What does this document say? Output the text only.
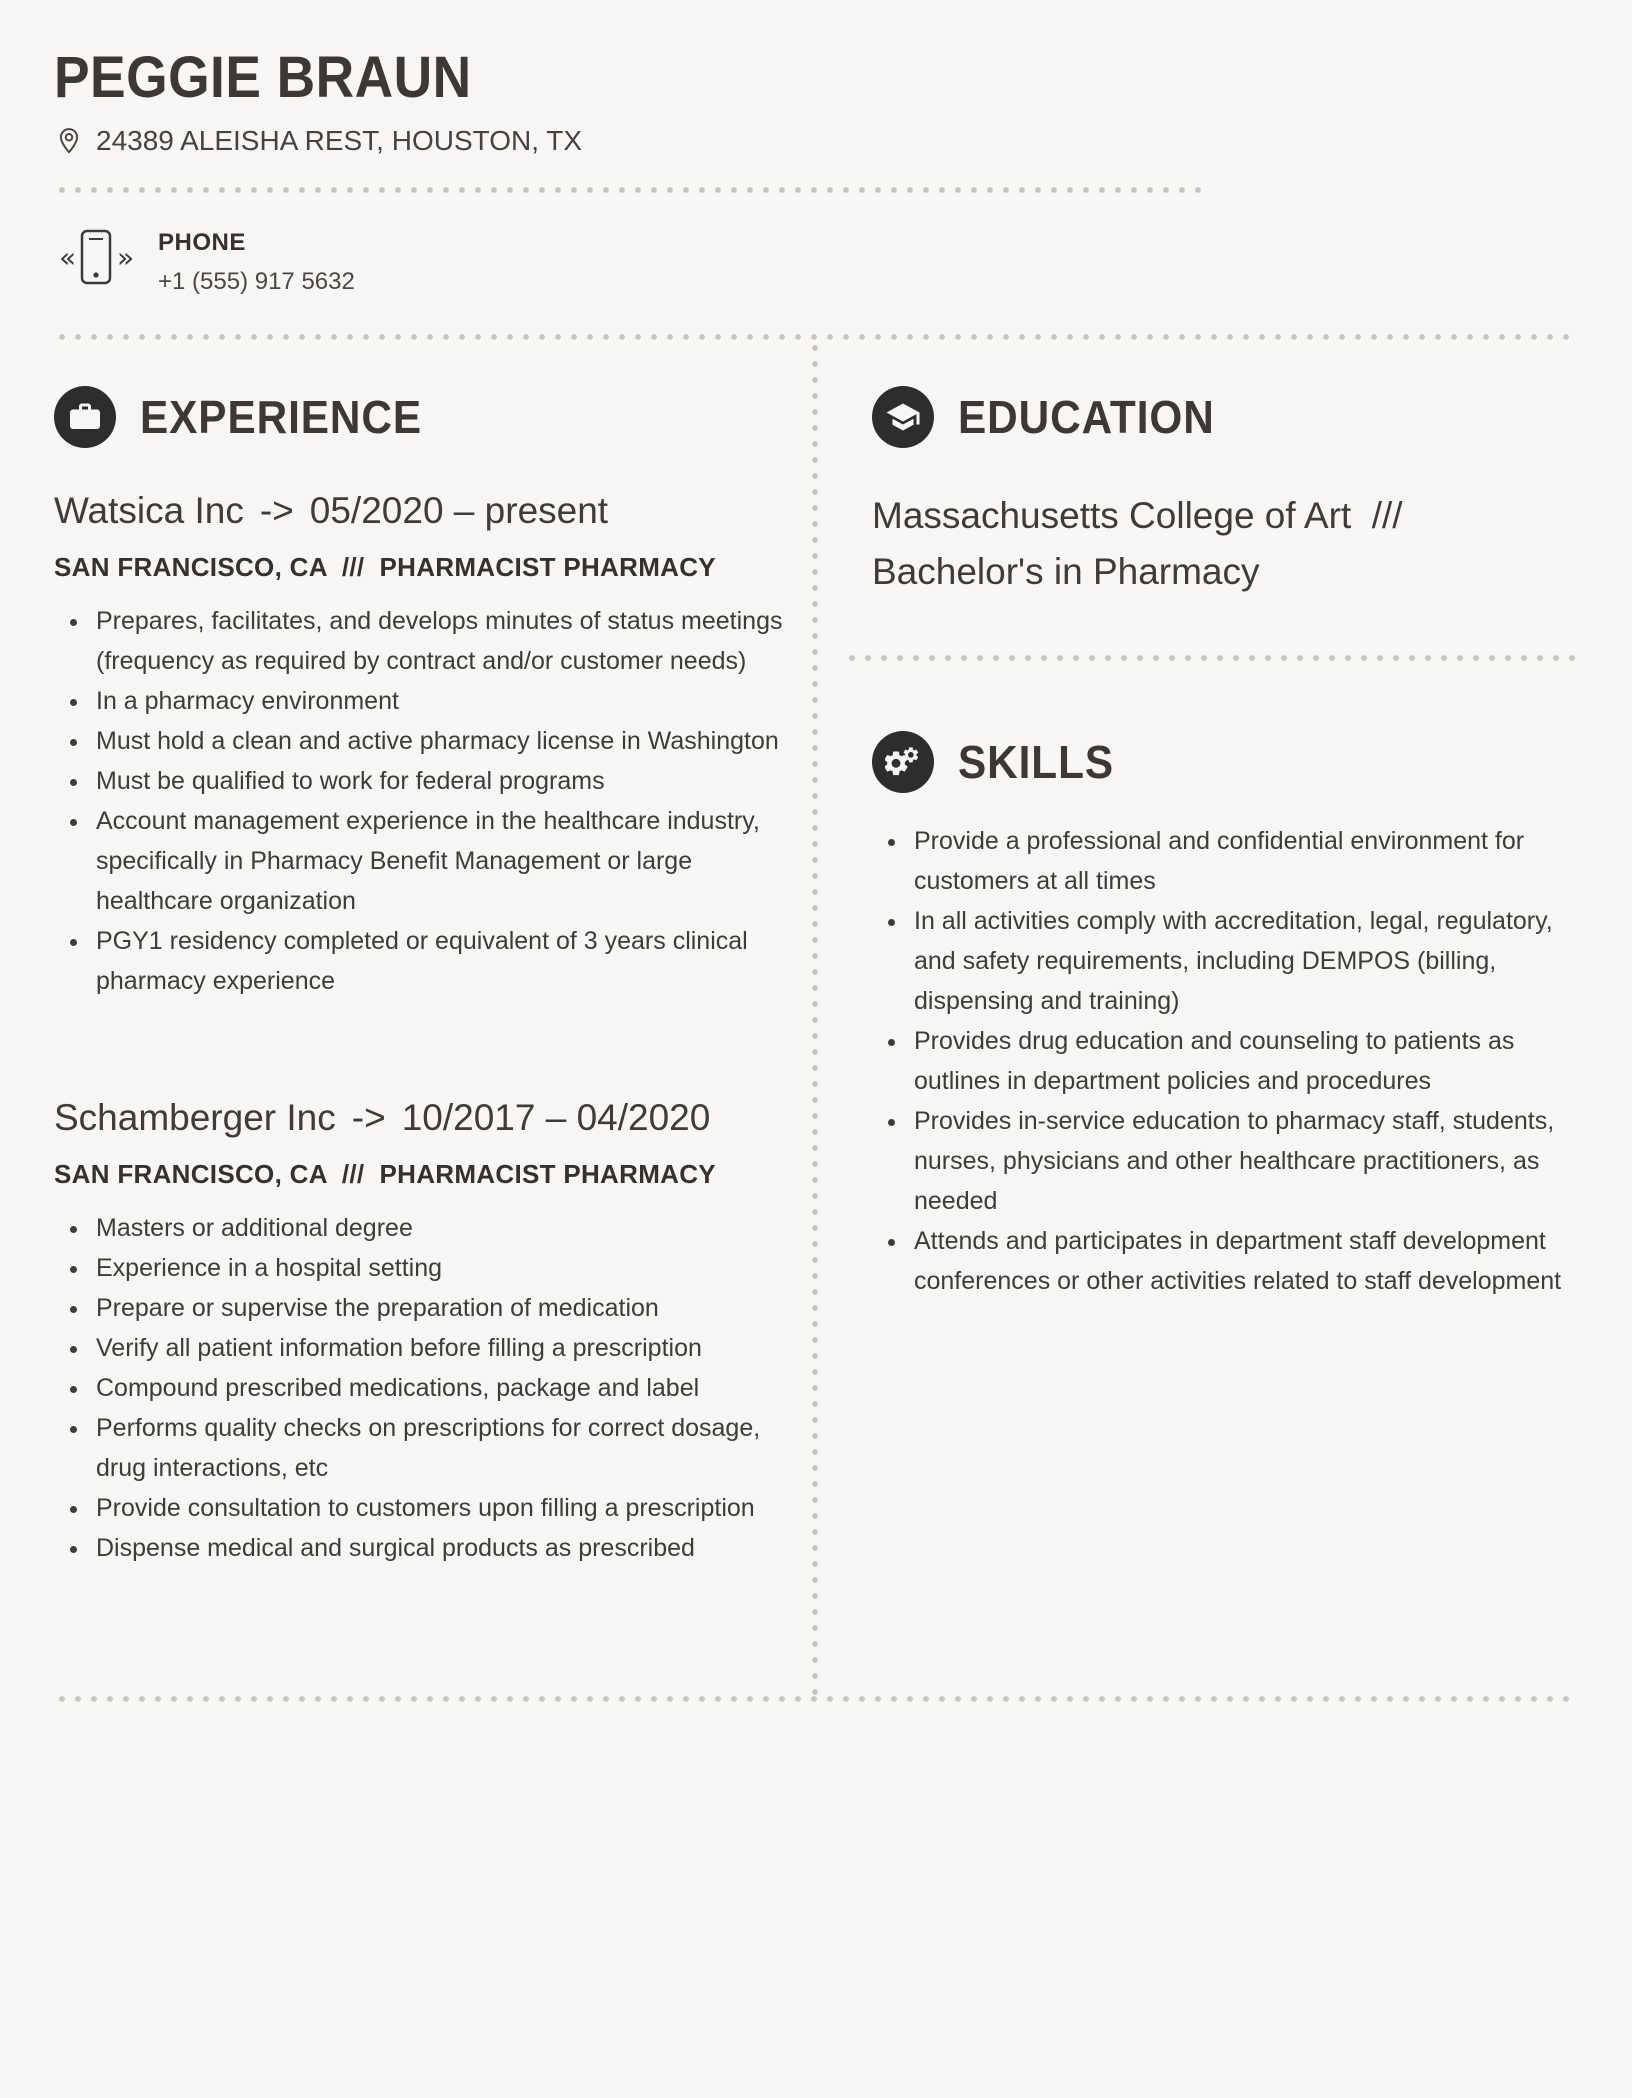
PEGGIE BRAUN
24389 ALEISHA REST, HOUSTON, TX
« » PHONE
+1 (555) 917 5632
EXPERIENCE
Watsica Inc -> 05/2020 – present
SAN FRANCISCO, CA  ///  PHARMACIST PHARMACY
• Prepares, facilitates, and develops minutes of status meetings (frequency as required by contract and/or customer needs)
• In a pharmacy environment
• Must hold a clean and active pharmacy license in Washington
• Must be qualified to work for federal programs
• Account management experience in the healthcare industry, specifically in Pharmacy Benefit Management or large healthcare organization
• PGY1 residency completed or equivalent of 3 years clinical pharmacy experience
Schamberger Inc -> 10/2017 – 04/2020
SAN FRANCISCO, CA  ///  PHARMACIST PHARMACY
• Masters or additional degree
• Experience in a hospital setting
• Prepare or supervise the preparation of medication
• Verify all patient information before filling a prescription
• Compound prescribed medications, package and label
• Performs quality checks on prescriptions for correct dosage, drug interactions, etc
• Provide consultation to customers upon filling a prescription
• Dispense medical and surgical products as prescribed
EDUCATION

Massachusetts College of Art  ///  Bachelor's in Pharmacy

SKILLS
• Provide a professional and confidential environment for customers at all times
• In all activities comply with accreditation, legal, regulatory, and safety requirements, including DEMPOS (billing, dispensing and training)
• Provides drug education and counseling to patients as outlines in department policies and procedures
• Provides in-service education to pharmacy staff, students, nurses, physicians and other healthcare practitioners, as needed
• Attends and participates in department staff development conferences or other activities related to staff development
